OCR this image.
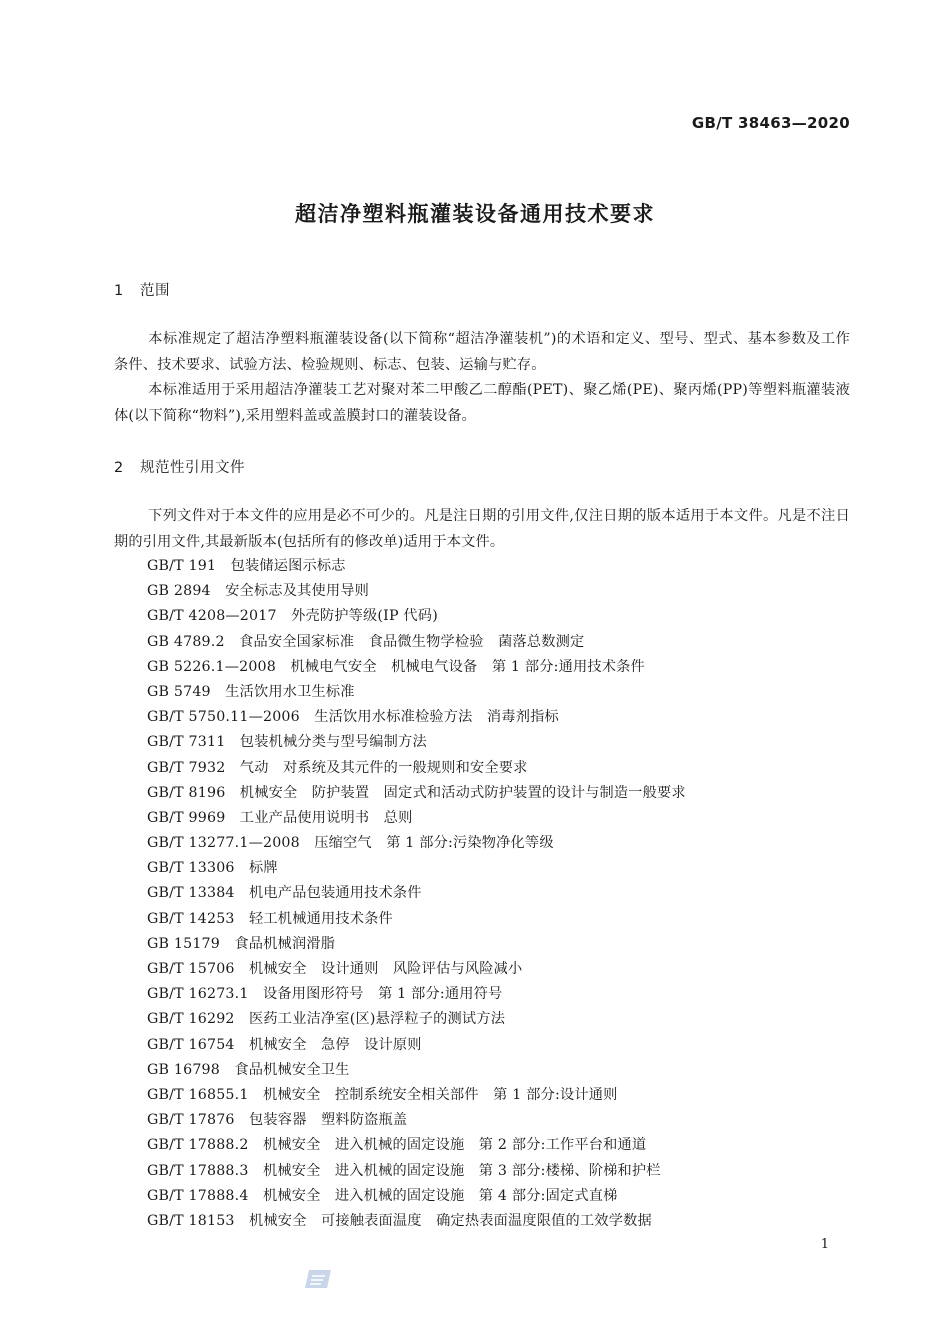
GB/T 38463—2020
超洁净塑料瓶灌装设备通用技术要求
1 范围

本标准规定了超洁净塑料瓶灌装设备(以下简称“超洁净灌装机”)的术语和定义、型号、型式、基本参数及工作条件、技术要求、试验方法、检验规则、标志、包装、运输与贮存。

本标准适用于采用超洁净灌装工艺对聚对苯二甲酸乙二醇酯(PET)、聚乙烯(PE)、聚丙烯(PP)等塑料瓶灌装液体(以下简称“物料”),采用塑料盖或盖膜封口的灌装设备。

2 规范性引用文件

下列文件对于本文件的应用是必不可少的。凡是注日期的引用文件,仅注日期的版本适用于本文件。凡是不注日期的引用文件,其最新版本(包括所有的修改单)适用于本文件。

GB/T 191　包装储运图示标志
GB 2894　安全标志及其使用导则
GB/T 4208—2017　外壳防护等级(IP 代码)
GB 4789.2　食品安全国家标准　食品微生物学检验　菌落总数测定
GB 5226.1—2008　机械电气安全　机械电气设备　第 1 部分:通用技术条件
GB 5749　生活饮用水卫生标准
GB/T 5750.11—2006　生活饮用水标准检验方法　消毒剂指标
GB/T 7311　包装机械分类与型号编制方法
GB/T 7932　气动　对系统及其元件的一般规则和安全要求
GB/T 8196　机械安全　防护装置　固定式和活动式防护装置的设计与制造一般要求
GB/T 9969　工业产品使用说明书　总则
GB/T 13277.1—2008　压缩空气　第 1 部分:污染物净化等级
GB/T 13306　标牌
GB/T 13384　机电产品包装通用技术条件
GB/T 14253　轻工机械通用技术条件
GB 15179　食品机械润滑脂
GB/T 15706　机械安全　设计通则　风险评估与风险减小
GB/T 16273.1　设备用图形符号　第 1 部分:通用符号
GB/T 16292　医药工业洁净室(区)悬浮粒子的测试方法
GB/T 16754　机械安全　急停　设计原则
GB 16798　食品机械安全卫生
GB/T 16855.1　机械安全　控制系统安全相关部件　第 1 部分:设计通则
GB/T 17876　包装容器　塑料防盗瓶盖
GB/T 17888.2　机械安全　进入机械的固定设施　第 2 部分:工作平台和通道
GB/T 17888.3　机械安全　进入机械的固定设施　第 3 部分:楼梯、阶梯和护栏
GB/T 17888.4　机械安全　进入机械的固定设施　第 4 部分:固定式直梯
GB/T 18153　机械安全　可接触表面温度　确定热表面温度限值的工效学数据
1
